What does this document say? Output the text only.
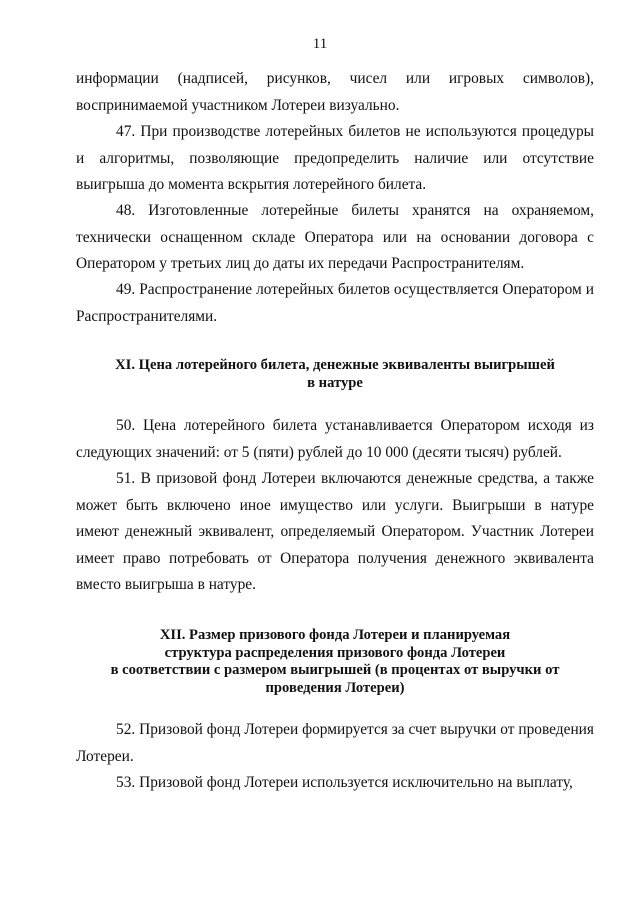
11

информации (надписей, рисунков, чисел или игровых символов), воспринимаемой участником Лотереи визуально.

47. При производстве лотерейных билетов не используются процедуры и алгоритмы, позволяющие предопределить наличие или отсутствие выигрыша до момента вскрытия лотерейного билета.

48. Изготовленные лотерейные билеты хранятся на охраняемом, технически оснащенном складе Оператора или на основании договора с Оператором у третьих лиц до даты их передачи Распространителям.

49. Распространение лотерейных билетов осуществляется Оператором и Распространителями.

XI. Цена лотерейного билета, денежные эквиваленты выигрышей
в натуре

50. Цена лотерейного билета устанавливается Оператором исходя из следующих значений: от 5 (пяти) рублей до 10 000 (десяти тысяч) рублей.

51. В призовой фонд Лотереи включаются денежные средства, а также может быть включено иное имущество или услуги. Выигрыши в натуре имеют денежный эквивалент, определяемый Оператором. Участник Лотереи имеет право потребовать от Оператора получения денежного эквивалента вместо выигрыша в натуре.

XII. Размер призового фонда Лотереи и планируемая
структура распределения призового фонда Лотереи
в соответствии с размером выигрышей (в процентах от выручки от
проведения Лотереи)

52. Призовой фонд Лотереи формируется за счет выручки от проведения Лотереи.

53. Призовой фонд Лотереи используется исключительно на выплату,
